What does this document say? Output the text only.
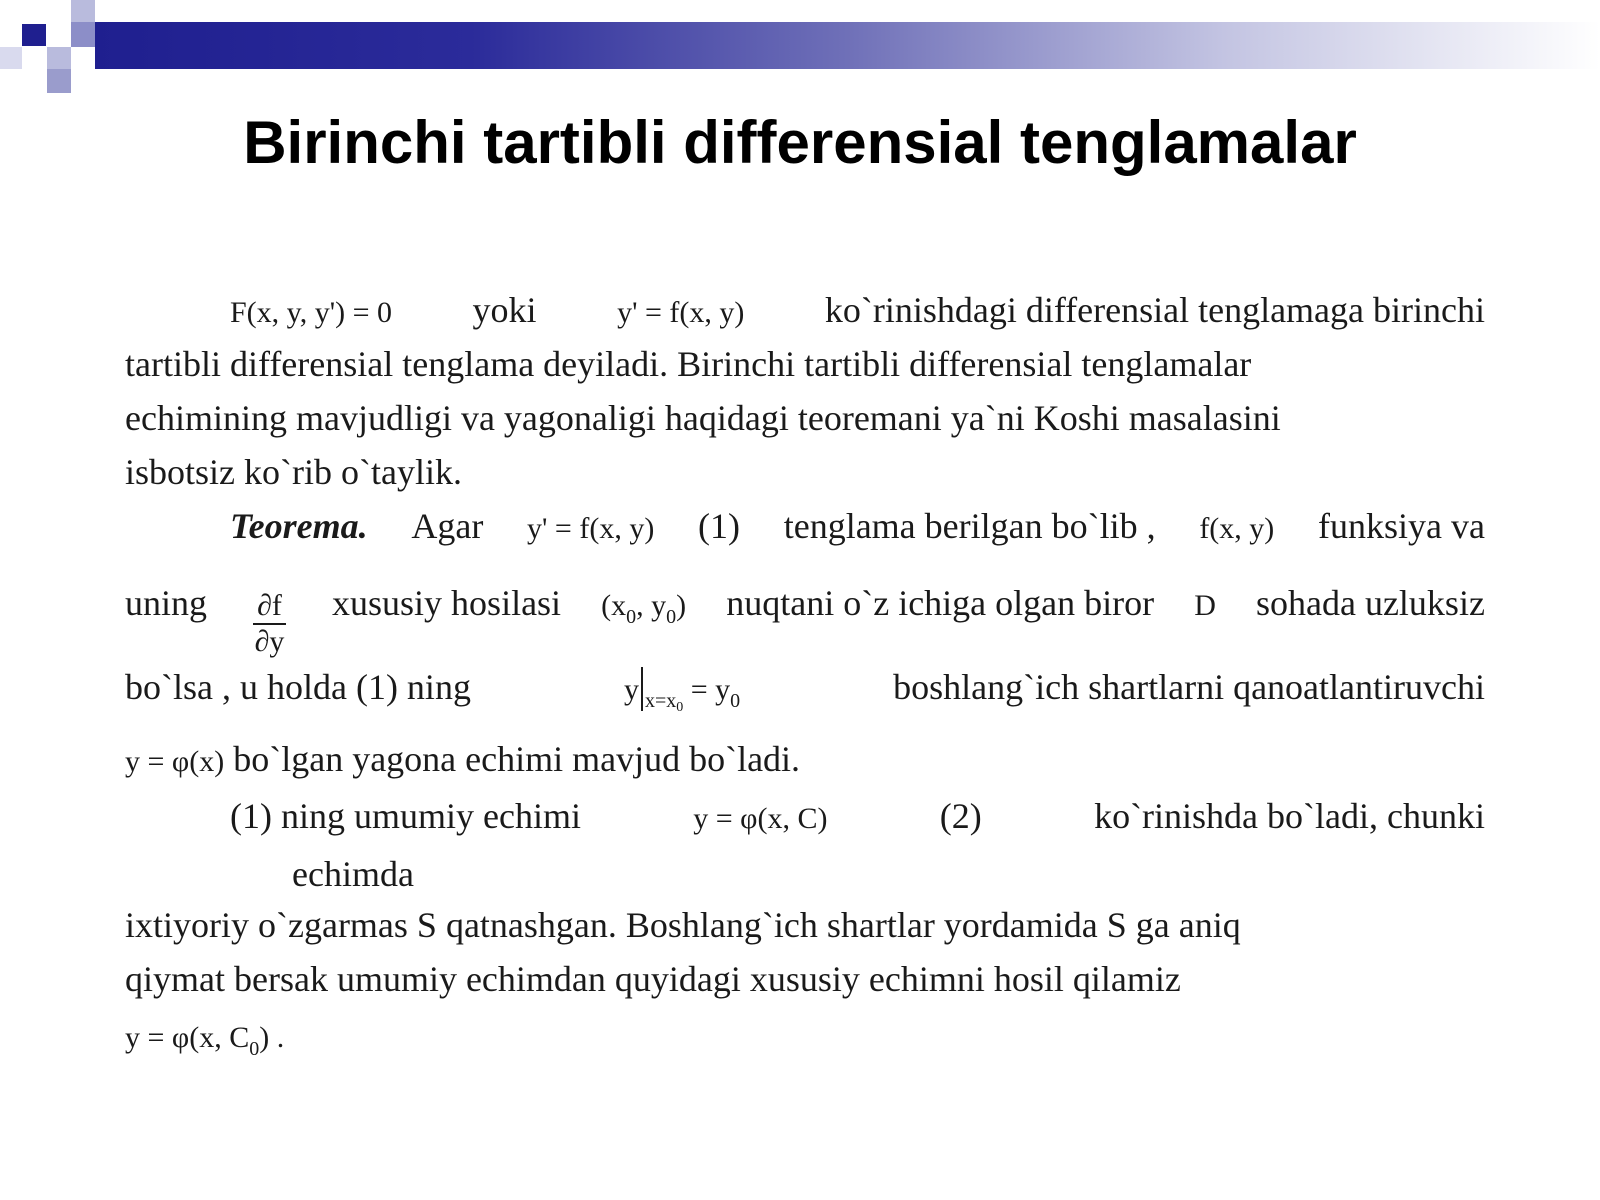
Birinchi tartibli differensial tenglamalar
F(x, y, y') = 0 yoki	y' = f(x, y) ko`rinishdagi differensial tenglamaga birinchi
tartibli differensial tenglama deyiladi. Birinchi tartibli differensial tenglamalar
echimining mavjudligi va yagonaligi haqidagi teoremani ya`ni Koshi masalasini
isbotsiz ko`rib o`taylik.
Teorema. Agar y' = f(x, y) (1) tenglama berilgan bo`lib , f(x, y) funksiya va
uning $\frac{\partial f}{\partial y}$ xususiy hosilasi ($x_0$, $y_0$) nuqtani o`z ichiga olgan biror D sohada uzluksiz
bo`lsa , u holda (1) ning	y $_{x=x0} = y_0$	boshlang`ich shartlarni qanoatlantiruvchi
y = φ(x) bo`lgan yagona echimi mavjud bo`ladi.
(1) ning umumiy echimi	y = φ(x, C)	(2)	ko`rinishda bo`ladi, chunki
echimda
ixtiyoriy o`zgarmas S qatnashgan. Boshlang`ich shartlar yordamida S ga aniq
qiymat bersak umumiy echimdan quyidagi xususiy echimni hosil qilamiz
y = φ(x, $C_0$) .
